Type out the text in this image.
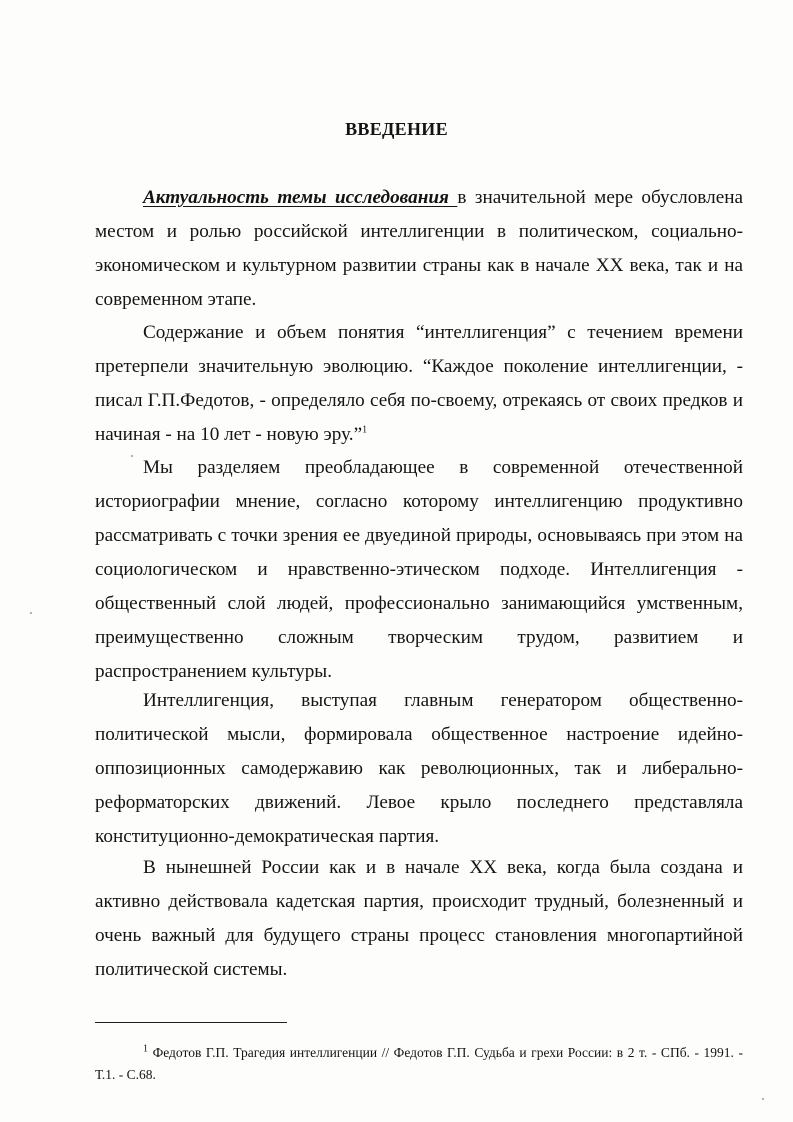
ВВЕДЕНИЕ

Актуальность темы исследования в значительной мере обусловлена местом и ролью российской интеллигенции в политическом, социально-экономическом и культурном развитии страны как в начале XX века, так и на современном этапе.

Содержание и объем понятия “интеллигенция” с течением времени претерпели значительную эволюцию. “Каждое поколение интеллигенции, - писал Г.П.Федотов, - определяло себя по-своему, отрекаясь от своих предков и начиная - на 10 лет - новую эру.”$^1$

Мы разделяем преобладающее в современной отечественной историографии мнение, согласно которому интеллигенцию продуктивно рассматривать с точки зрения ее двуединой природы, основываясь при этом на социологическом и нравственно-этическом подходе. Интеллигенция - общественный слой людей, профессионально занимающийся умственным, преимущественно сложным творческим трудом, развитием и распространением культуры.

Интеллигенция, выступая главным генератором общественно-политической мысли, формировала общественное настроение идейно-оппозиционных самодержавию как революционных, так и либерально-реформаторских движений. Левое крыло последнего представляла конституционно-демократическая партия.

В нынешней России как и в начале XX века, когда была создана и активно действовала кадетская партия, происходит трудный, болезненный и очень важный для будущего страны процесс становления многопартийной политической системы.

$^1$ Федотов Г.П. Трагедия интеллигенции // Федотов Г.П. Судьба и грехи России: в 2 т. - СПб. - 1991. - Т.1. - С.68.
